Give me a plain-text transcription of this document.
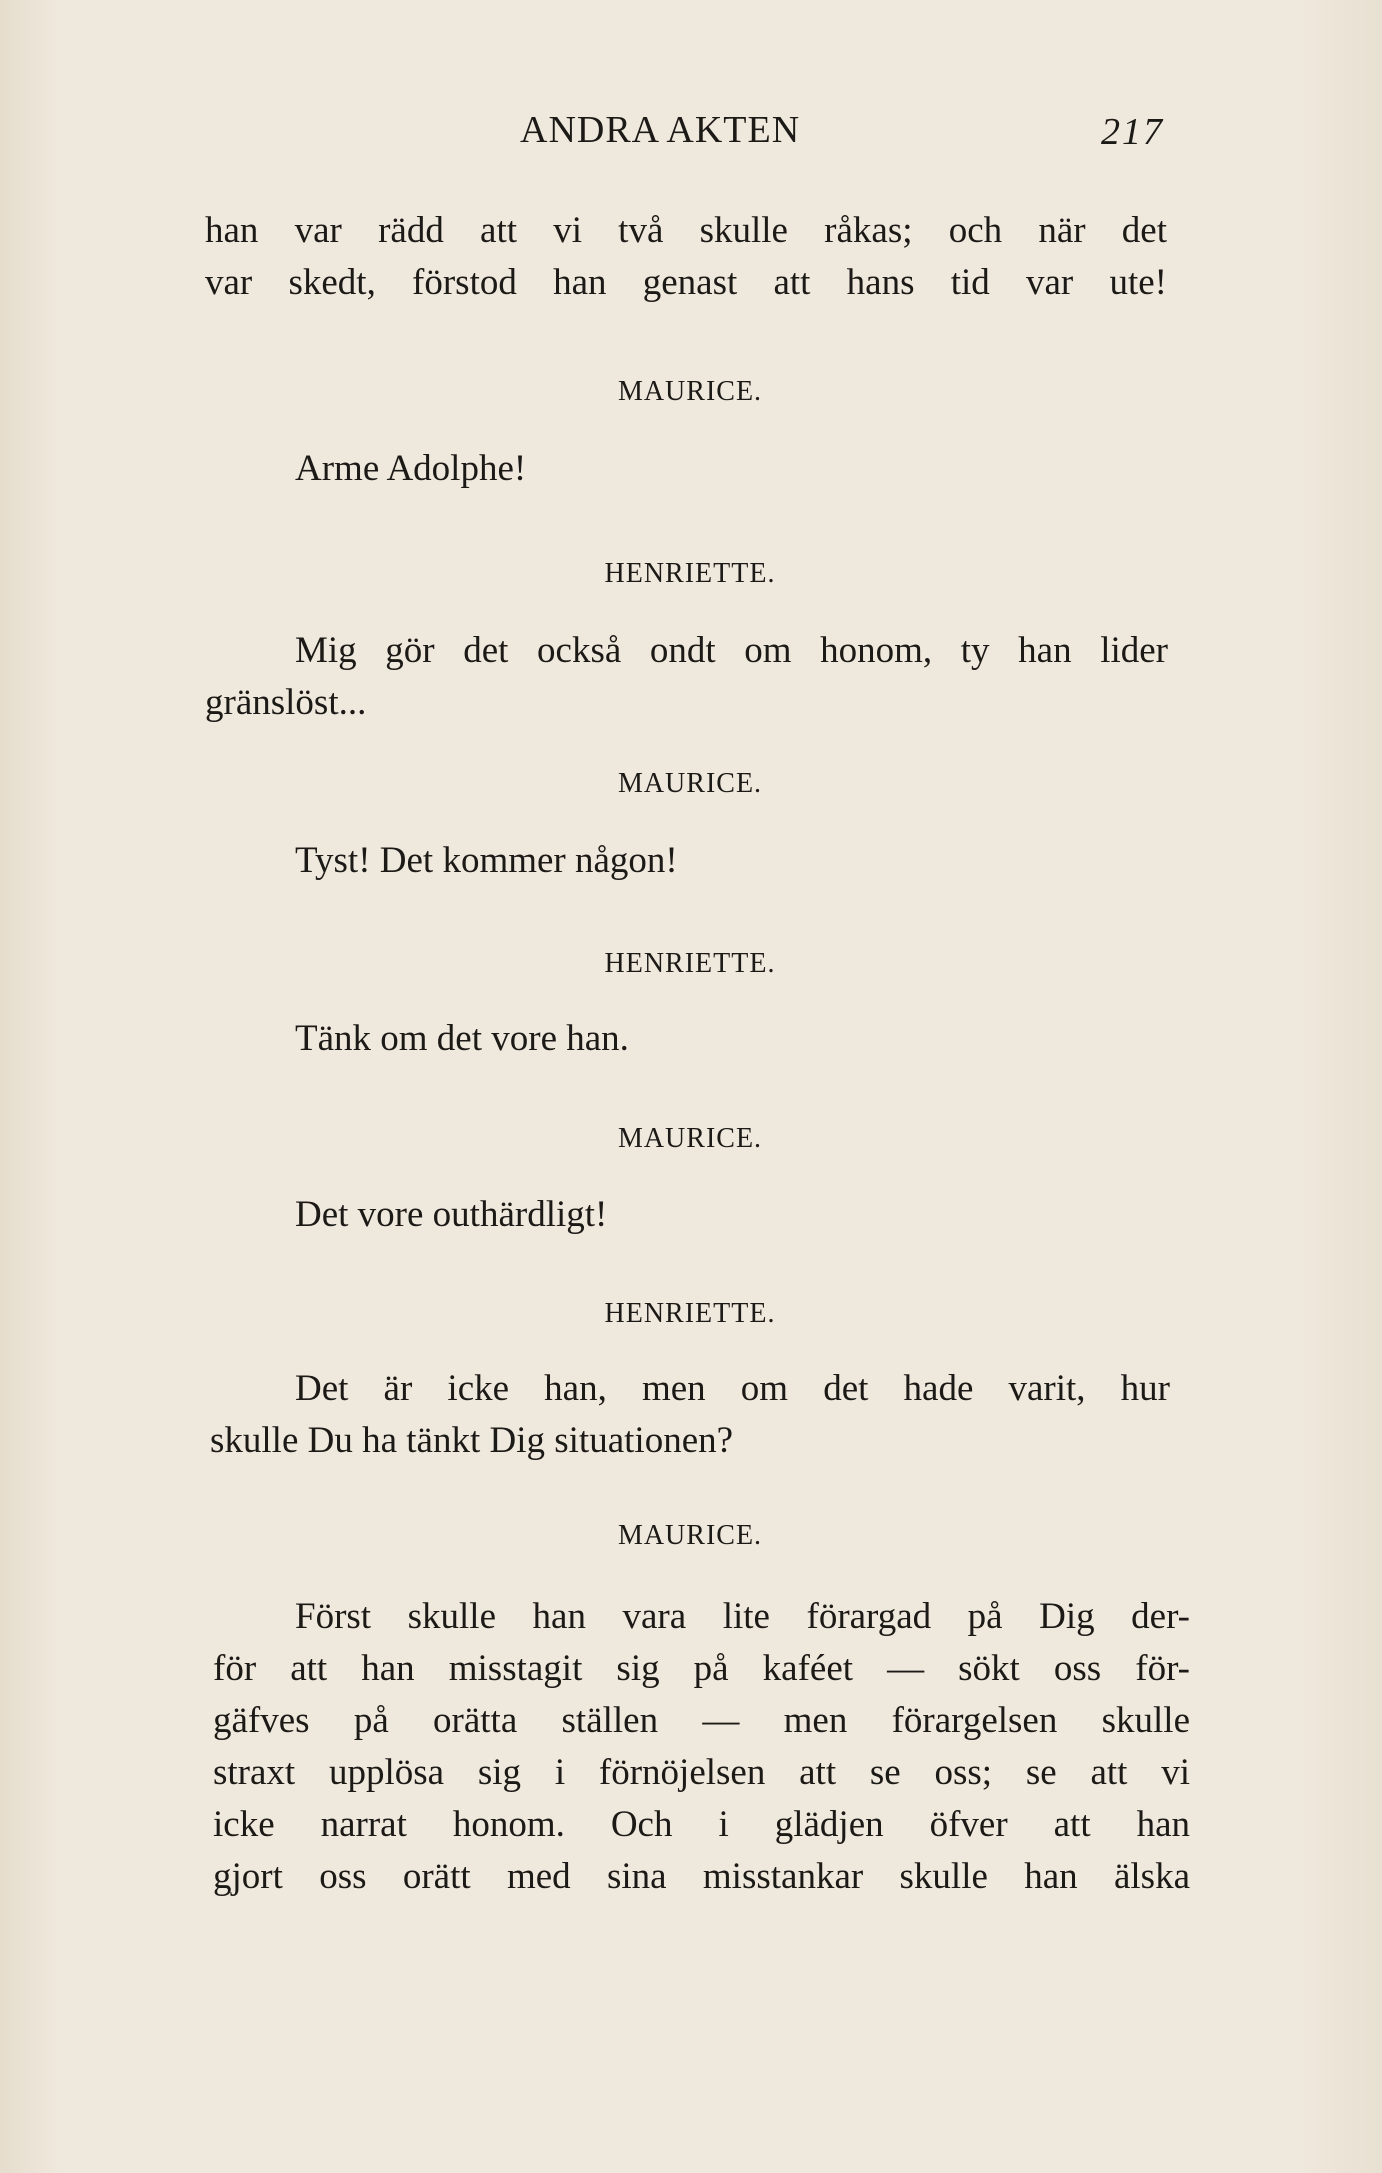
ANDRA AKTEN	217
han var rädd att vi två skulle råkas; och när det
var skedt, förstod han genast att hans tid var ute!
MAURICE.
Arme Adolphe!
HENRIETTE.
Mig gör det också ondt om honom, ty han lider
gränslöst...
MAURICE.
Tyst! Det kommer någon!
HENRIETTE.
Tänk om det vore han.
MAURICE.
Det vore outhärdligt!
HENRIETTE.
Det är icke han, men om det hade varit, hur
skulle Du ha tänkt Dig situationen?
MAURICE.
Först skulle han vara lite förargad på Dig der-
för att han misstagit sig på kaféet — sökt oss för-
gäfves på orätta ställen — men förargelsen skulle
straxt upplösa sig i förnöjelsen att se oss; se att vi
icke narrat honom. Och i glädjen öfver att han
gjort oss orätt med sina misstankar skulle han älska
